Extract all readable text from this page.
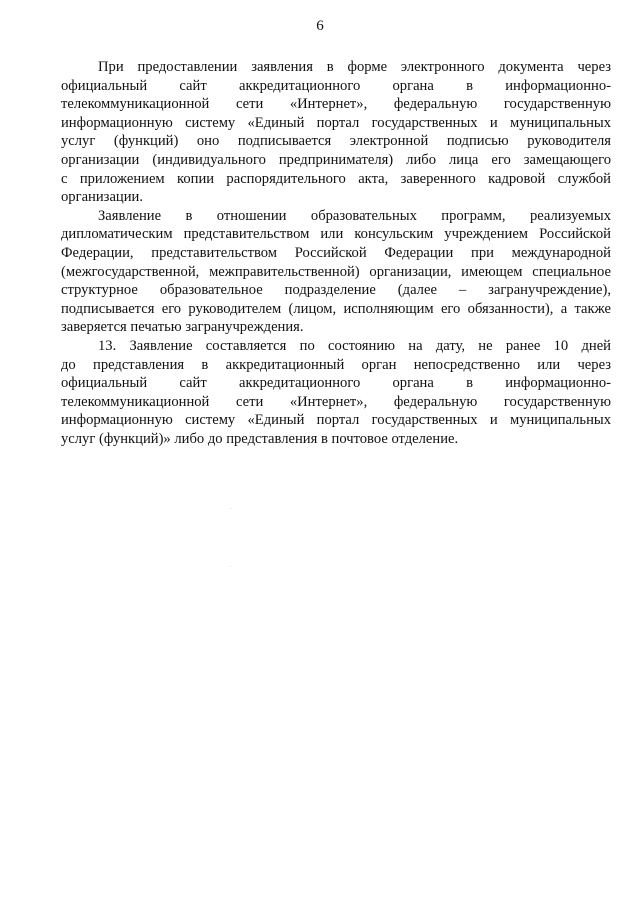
6

При предоставлении заявления в форме электронного документа через
официальный сайт аккредитационного органа в информационно-
телекоммуникационной сети «Интернет», федеральную государственную
информационную систему «Единый портал государственных и муниципальных
услуг (функций) оно подписывается электронной подписью руководителя
организации (индивидуального предпринимателя) либо лица его замещающего
с приложением копии распорядительного акта, заверенного кадровой службой
организации.

Заявление в отношении образовательных программ, реализуемых
дипломатическим представительством или консульским учреждением Российской
Федерации, представительством Российской Федерации при международной
(межгосударственной, межправительственной) организации, имеющем специальное
структурное образовательное подразделение (далее – загранучреждение),
подписывается его руководителем (лицом, исполняющим его обязанности), а также
заверяется печатью загранучреждения.

13. Заявление составляется по состоянию на дату, не ранее 10 дней
до представления в аккредитационный орган непосредственно или через
официальный сайт аккредитационного органа в информационно-
телекоммуникационной сети «Интернет», федеральную государственную
информационную систему «Единый портал государственных и муниципальных
услуг (функций)» либо до представления в почтовое отделение.
